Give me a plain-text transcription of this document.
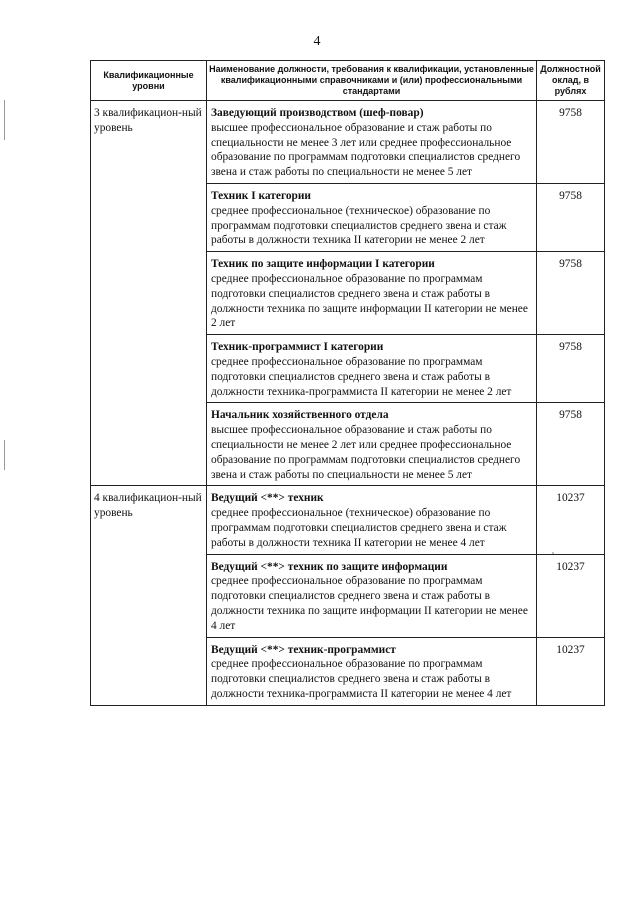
4
Квалификационные уровни	Наименование должности, требования к квалификации, установленные квалификационными справочниками и (или) профессиональными стандартами	Должностной оклад, в рублях
3 квалификацион-ный уровень	Заведующий производством (шеф-повар)
высшее профессиональное образование и стаж работы по специальности не менее 3 лет или среднее профессиональное образование по программам подготовки специалистов среднего звена и стаж работы по специальности не менее 5 лет	9758

	Техник I категории
среднее профессиональное (техническое) образование по программам подготовки специалистов среднего звена и стаж работы в должности техника II категории не менее 2 лет	9758

	Техник по защите информации I категории
среднее профессиональное образование по программам подготовки специалистов среднего звена и стаж работы в должности техника по защите информации II категории не менее 2 лет	9758

	Техник-программист I категории
среднее профессиональное образование по программам подготовки специалистов среднего звена и стаж работы в должности техника-программиста II категории не менее 2 лет	9758

	Начальник хозяйственного отдела
высшее профессиональное образование и стаж работы по специальности не менее 2 лет или среднее профессиональное образование по программам подготовки специалистов среднего звена и стаж работы по специальности не менее 5 лет	9758
4 квалификацион-ный уровень	Ведущий <**> техник
среднее профессиональное (техническое) образование по программам подготовки специалистов среднего звена и стаж работы в должности техника II категории не менее 4 лет	10237

	Ведущий <**> техник по защите информации
среднее профессиональное образование по программам подготовки специалистов среднего звена и стаж работы в должности техника по защите информации II категории не менее 4 лет	10237

	Ведущий <**> техник-программист
среднее профессиональное образование по программам подготовки специалистов среднего звена и стаж работы в должности техника-программиста II категории не менее 4 лет	10237
